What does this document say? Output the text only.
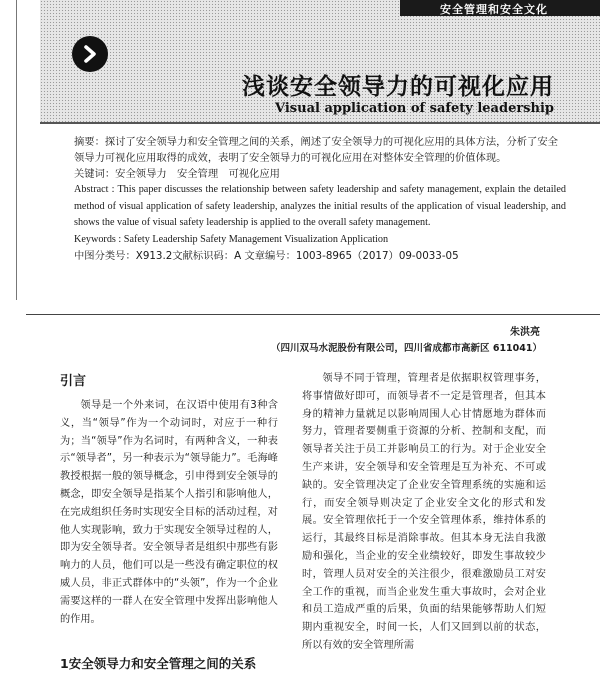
安全管理和安全文化
浅谈安全领导力的可视化应用
Visual application of safety leadership

摘要：探讨了安全领导力和安全管理之间的关系，阐述了安全领导力的可视化应用的具体方法，分析了安全领导力可视化应用取得的成效，表明了安全领导力的可视化应用在对整体安全管理的价值体现。

关键词：安全领导力　安全管理　可视化应用

Abstract : This paper discusses the relationship between safety leadership and safety management, explain the detailed method of visual application of safety leadership, analyzes the initial results of the application of visual leadership, and shows the value of visual safety leadership is applied to the overall safety management.

Keywords : Safety Leadership Safety Management Visualization Application

中图分类号：X913.2文献标识码：A 文章编号：1003-8965（2017）09-0033-05

朱洪亮
（四川双马水泥股份有限公司，四川省成都市高新区 611041）
引言

领导是一个外来词，在汉语中使用有3种含义，当“领导”作为一个动词时，对应于一种行为；当“领导”作为名词时，有两种含义，一种表示“领导者”，另一种表示为“领导能力”。毛海峰教授根据一般的领导概念，引申得到安全领导的概念，即安全领导是指某个人指引和影响他人，在完成组织任务时实现安全目标的活动过程，对他人实现影响，致力于实现安全领导过程的人，即为安全领导者。安全领导者是组织中那些有影响力的人员，他们可以是一些没有确定职位的权威人员，非正式群体中的“头领”，作为一个企业需要这样的一群人在安全管理中发挥出影响他人的作用。

1安全领导力和安全管理之间的关系

领导不同于管理，管理者是依据职权管理事务，将事情做好即可，而领导者不一定是管理者，但其本身的精神力量就足以影响周围人心甘情愿地为群体而努力，管理者要侧重于资源的分析、控制和支配，而领导者关注于员工并影响员工的行为。对于企业安全生产来讲，安全领导和安全管理是互为补充、不可或缺的。安全管理决定了企业安全管理系统的实施和运行，而安全领导则决定了企业安全文化的形式和发展。安全管理依托于一个安全管理体系，维持体系的运行，其最终目标是消除事故。但其本身无法自我激励和强化，当企业的安全业绩较好，即发生事故较少时，管理人员对安全的关注很少，很难激励员工对安全工作的重视，而当企业发生重大事故时，会对企业和员工造成严重的后果，负面的结果能够帮助人们短期内重视安全，时间一长，人们又回到以前的状态，所以有效的安全管理所需
